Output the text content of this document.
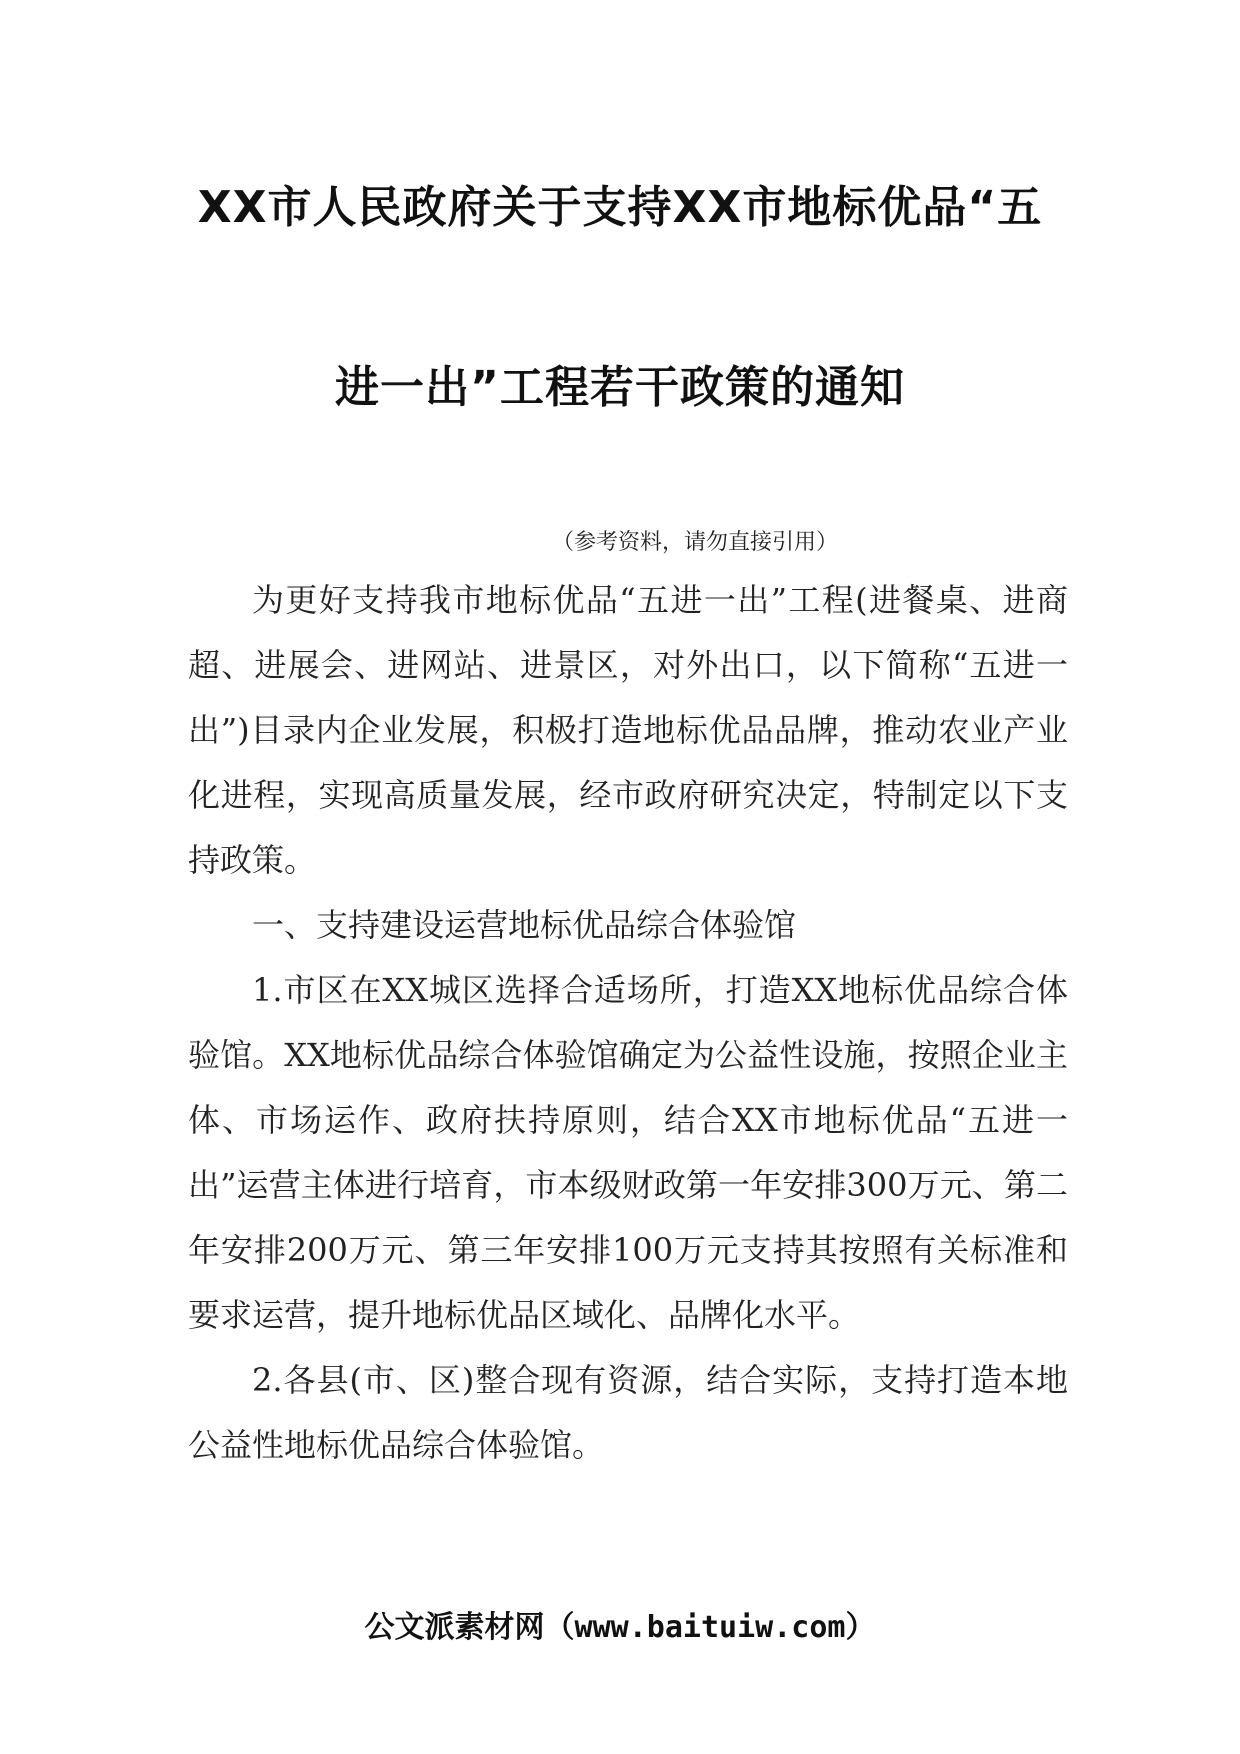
XX市人民政府关于支持XX市地标优品“五
进一出”工程若干政策的通知

（参考资料，请勿直接引用）

为更好支持我市地标优品“五进一出”工程(进餐桌、进商超、进展会、进网站、进景区，对外出口，以下简称“五进一出”)目录内企业发展，积极打造地标优品品牌，推动农业产业化进程，实现高质量发展，经市政府研究决定，特制定以下支持政策。

一、支持建设运营地标优品综合体验馆

1.市区在XX城区选择合适场所，打造XX地标优品综合体验馆。XX地标优品综合体验馆确定为公益性设施，按照企业主体、市场运作、政府扶持原则，结合XX市地标优品“五进一出”运营主体进行培育，市本级财政第一年安排300万元、第二年安排200万元、第三年安排100万元支持其按照有关标准和要求运营，提升地标优品区域化、品牌化水平。

2.各县(市、区)整合现有资源，结合实际，支持打造本地公益性地标优品综合体验馆。

公文派素材网（www.baituiw.com）
